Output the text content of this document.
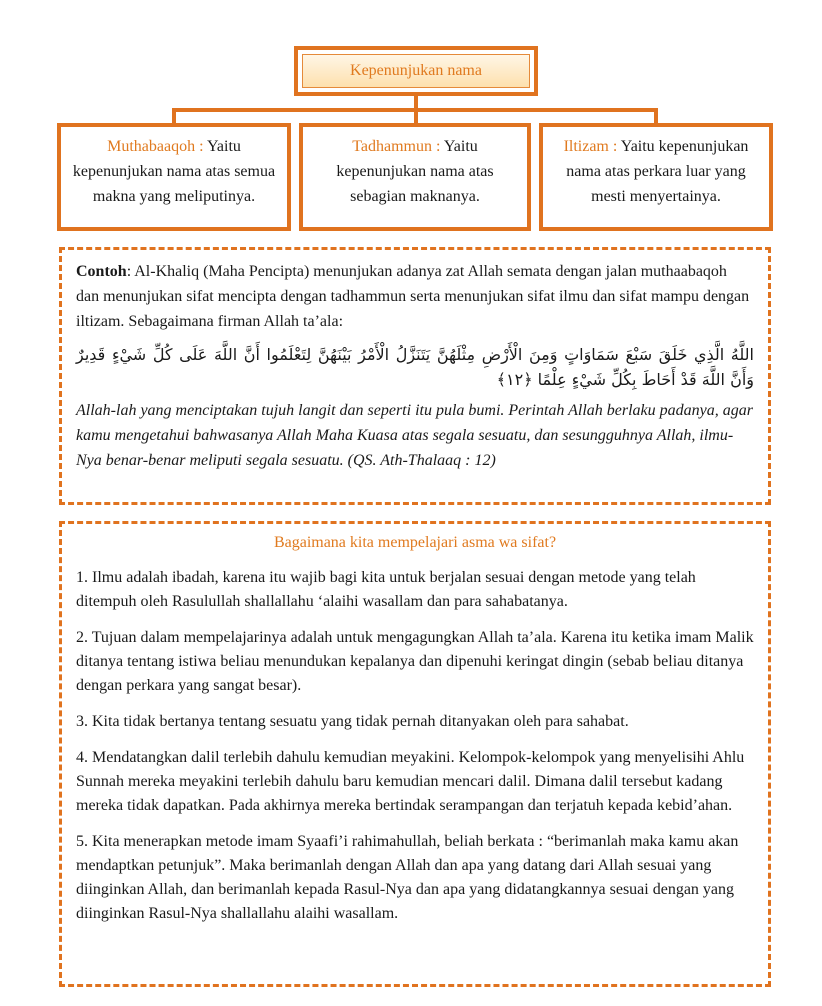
Kepenunjukan nama
Muthabaaqoh : Yaitu kepenunjukan nama atas semua makna yang meliputinya.
Tadhammun : Yaitu kepenunjukan nama atas sebagian maknanya.
Iltizam : Yaitu kepenunjukan nama atas perkara luar yang mesti menyertainya.

Contoh: Al-Khaliq (Maha Pencipta) menunjukan adanya zat Allah semata dengan jalan muthaabaqoh dan menunjukan sifat mencipta dengan tadhammun serta menunjukan sifat ilmu dan sifat mampu dengan iltizam. Sebagaimana firman Allah ta’ala:

اللَّهُ الَّذِي خَلَقَ سَبْعَ سَمَاوَاتٍ وَمِنَ الْأَرْضِ مِثْلَهُنَّ يَتَنَزَّلُ الْأَمْرُ بَيْنَهُنَّ لِتَعْلَمُوا أَنَّ اللَّهَ عَلَى كُلِّ شَيْءٍ قَدِيرٌ وَأَنَّ اللَّهَ قَدْ أَحَاطَ بِكُلِّ شَيْءٍ عِلْمًا ﴿١٢﴾

Allah-lah yang menciptakan tujuh langit dan seperti itu pula bumi. Perintah Allah berlaku padanya, agar kamu mengetahui bahwasanya Allah Maha Kuasa atas segala sesuatu, dan sesungguhnya Allah, ilmu-Nya benar-benar meliputi segala sesuatu. (QS. Ath-Thalaaq : 12)

Bagaimana kita mempelajari asma wa sifat?

1. Ilmu adalah ibadah, karena itu wajib bagi kita untuk berjalan sesuai dengan metode yang telah ditempuh oleh Rasulullah shallallahu ‘alaihi wasallam dan para sahabatanya.

2. Tujuan dalam mempelajarinya adalah untuk mengagungkan Allah ta’ala. Karena itu ketika imam Malik ditanya tentang istiwa beliau menundukan kepalanya dan dipenuhi keringat dingin (sebab beliau ditanya dengan perkara yang sangat besar).

3. Kita tidak bertanya tentang sesuatu yang tidak pernah ditanyakan oleh para sahabat.

4. Mendatangkan dalil terlebih dahulu kemudian meyakini. Kelompok-kelompok yang menyelisihi Ahlu Sunnah mereka meyakini terlebih dahulu baru kemudian mencari dalil. Dimana dalil tersebut kadang mereka tidak dapatkan. Pada akhirnya mereka bertindak serampangan dan terjatuh kepada kebid’ahan.

5. Kita menerapkan metode imam Syaafi’i rahimahullah, beliah berkata : “berimanlah maka kamu akan mendaptkan petunjuk”. Maka berimanlah dengan Allah dan apa yang datang dari Allah sesuai yang diinginkan Allah, dan berimanlah kepada Rasul-Nya dan apa yang didatangkannya sesuai dengan yang diinginkan Rasul-Nya shallallahu alaihi wasallam.
